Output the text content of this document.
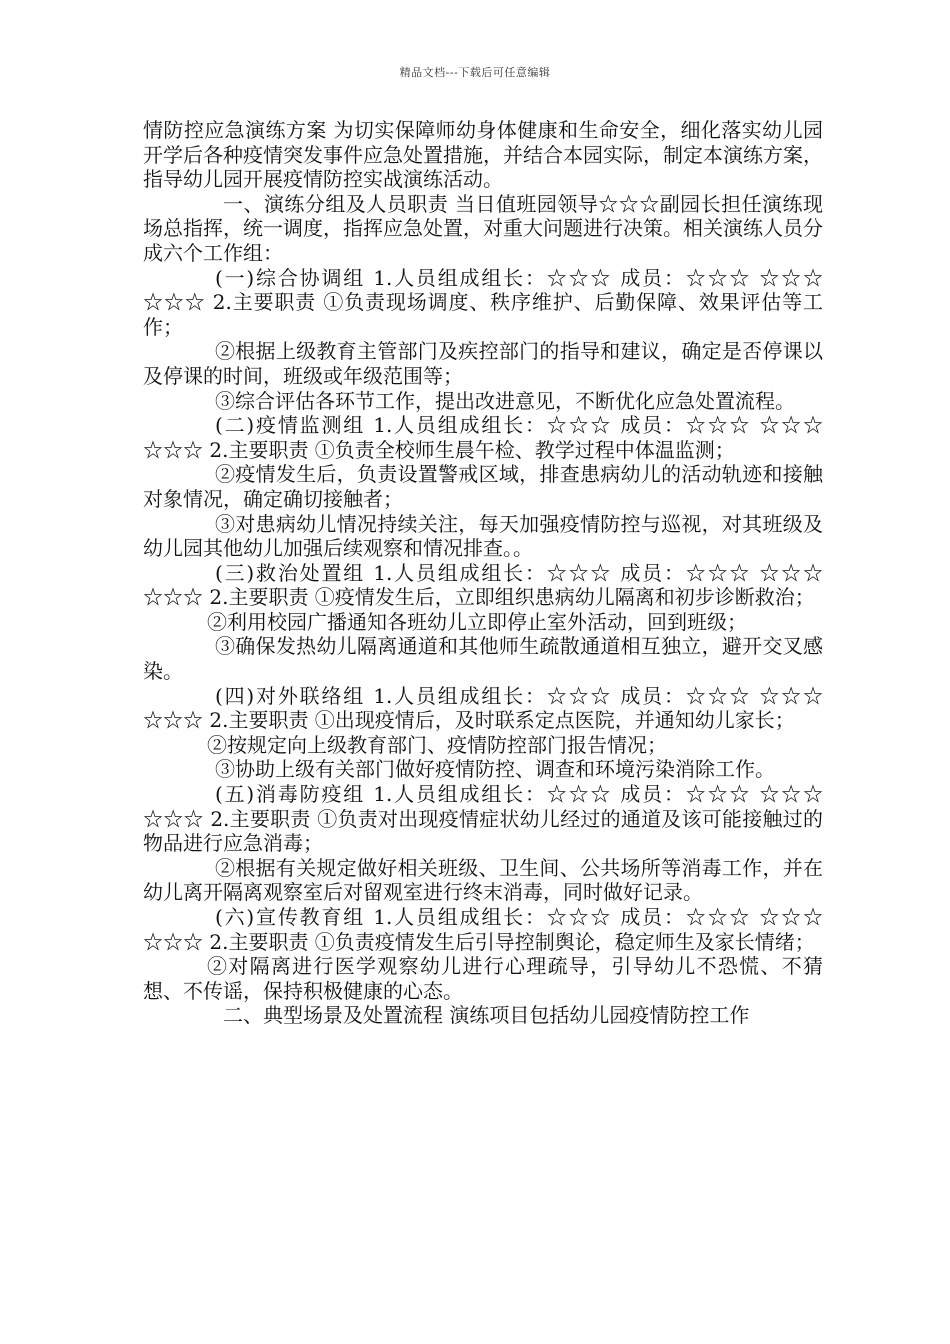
精品文档---下载后可任意编辑

情防控应急演练方案 为切实保障师幼身体健康和生命安全，细化落实幼儿园开学后各种疫情突发事件应急处置措施，并结合本园实际，制定本演练方案，指导幼儿园开展疫情防控实战演练活动。

一、演练分组及人员职责 当日值班园领导☆☆☆副园长担任演练现场总指挥，统一调度，指挥应急处置，对重大问题进行决策。相关演练人员分成六个工作组：

(一)综合协调组 1.人员组成组长：☆☆☆ 成员：☆☆☆ ☆☆☆ ☆☆☆ 2.主要职责 ①负责现场调度、秩序维护、后勤保障、效果评估等工作；

②根据上级教育主管部门及疾控部门的指导和建议，确定是否停课以及停课的时间，班级或年级范围等；

③综合评估各环节工作，提出改进意见，不断优化应急处置流程。

(二)疫情监测组 1.人员组成组长：☆☆☆ 成员：☆☆☆ ☆☆☆ ☆☆☆ 2.主要职责 ①负责全校师生晨午检、教学过程中体温监测；

②疫情发生后，负责设置警戒区域，排查患病幼儿的活动轨迹和接触对象情况，确定确切接触者；

③对患病幼儿情况持续关注，每天加强疫情防控与巡视，对其班级及幼儿园其他幼儿加强后续观察和情况排查。。

(三)救治处置组 1.人员组成组长：☆☆☆ 成员：☆☆☆ ☆☆☆ ☆☆☆ 2.主要职责 ①疫情发生后，立即组织患病幼儿隔离和初步诊断救治；

②利用校园广播通知各班幼儿立即停止室外活动，回到班级；

③确保发热幼儿隔离通道和其他师生疏散通道相互独立，避开交叉感染。

(四)对外联络组 1.人员组成组长：☆☆☆ 成员：☆☆☆ ☆☆☆ ☆☆☆ 2.主要职责 ①出现疫情后，及时联系定点医院，并通知幼儿家长；

②按规定向上级教育部门、疫情防控部门报告情况；

③协助上级有关部门做好疫情防控、调查和环境污染消除工作。

(五)消毒防疫组 1.人员组成组长：☆☆☆ 成员：☆☆☆ ☆☆☆ ☆☆☆ 2.主要职责 ①负责对出现疫情症状幼儿经过的通道及该可能接触过的物品进行应急消毒；

②根据有关规定做好相关班级、卫生间、公共场所等消毒工作，并在幼儿离开隔离观察室后对留观室进行终末消毒，同时做好记录。

(六)宣传教育组 1.人员组成组长：☆☆☆ 成员：☆☆☆ ☆☆☆ ☆☆☆ 2.主要职责 ①负责疫情发生后引导控制舆论，稳定师生及家长情绪；

②对隔离进行医学观察幼儿进行心理疏导，引导幼儿不恐慌、不猜想、不传谣，保持积极健康的心态。

二、典型场景及处置流程 演练项目包括幼儿园疫情防控工作
